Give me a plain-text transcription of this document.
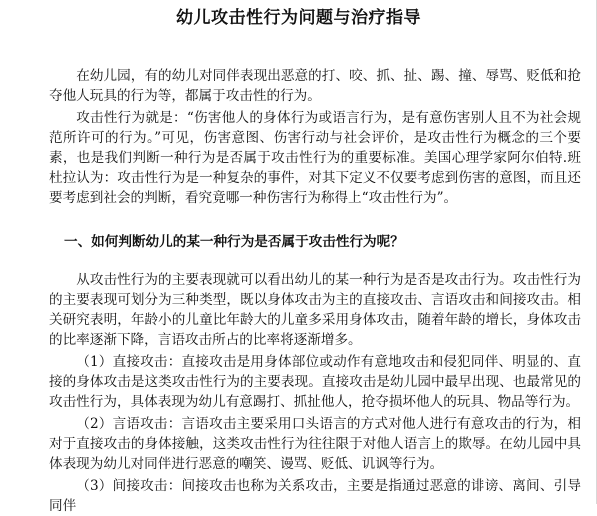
幼儿攻击性行为问题与治疗指导

在幼儿园，有的幼儿对同伴表现出恶意的打、咬、抓、扯、踢、撞、辱骂、贬低和抢夺他人玩具的行为等，都属于攻击性的行为。

攻击性行为就是：“伤害他人的身体行为或语言行为，是有意伤害别人且不为社会规范所许可的行为。”可见，伤害意图、伤害行动与社会评价，是攻击性行为概念的三个要素，也是我们判断一种行为是否属于攻击性行为的重要标准。美国心理学家阿尔伯特.班杜拉认为：攻击性行为是一种复杂的事件，对其下定义不仅要考虑到伤害的意图，而且还要考虑到社会的判断，看究竟哪一种伤害行为称得上“攻击性行为”。

一、如何判断幼儿的某一种行为是否属于攻击性行为呢？

从攻击性行为的主要表现就可以看出幼儿的某一种行为是否是攻击行为。攻击性行为的主要表现可划分为三种类型，既以身体攻击为主的直接攻击、言语攻击和间接攻击。相关研究表明，年龄小的儿童比年龄大的儿童多采用身体攻击，随着年龄的增长，身体攻击的比率逐渐下降，言语攻击所占的比率将逐渐增多。

（1）直接攻击：直接攻击是用身体部位或动作有意地攻击和侵犯同伴、明显的、直接的身体攻击是这类攻击性行为的主要表现。直接攻击是幼儿园中最早出现、也最常见的攻击性行为，具体表现为幼儿有意踢打、抓扯他人，抢夺损坏他人的玩具、物品等行为。

（2）言语攻击：言语攻击主要采用口头语言的方式对他人进行有意攻击的行为，相对于直接攻击的身体接触，这类攻击性行为往往限于对他人语言上的欺辱。在幼儿园中具体表现为幼儿对同伴进行恶意的嘲笑、谩骂、贬低、讥讽等行为。

（3）间接攻击：间接攻击也称为关系攻击，主要是指通过恶意的诽谤、离间、引导同伴
